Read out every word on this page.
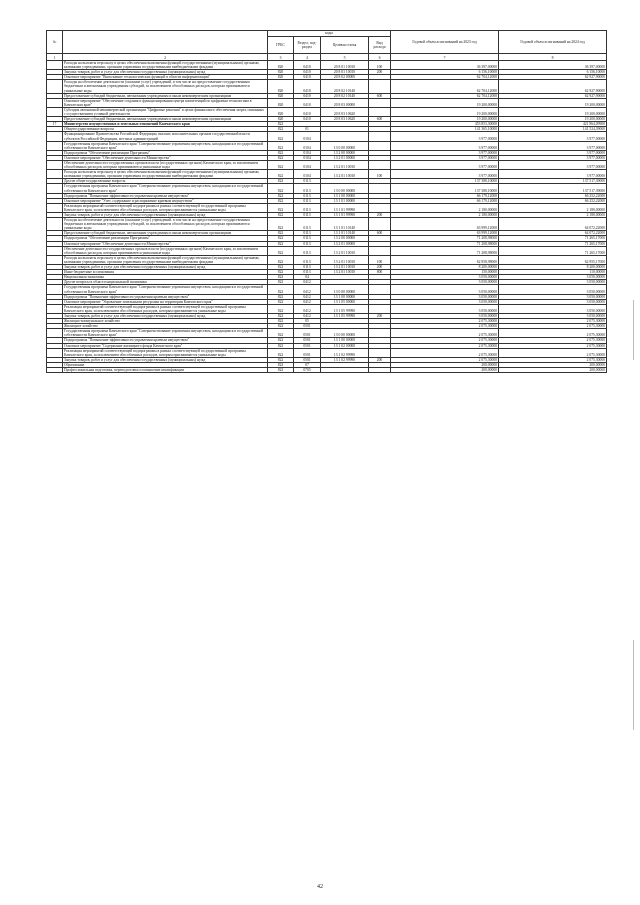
№		коды				Годовой объем ассигнований на 2023 год	Годовой объем ассигнований на 2024 год
		ГРБС	Раздел, под-раздел	Целевая статья	Вид расхода		
1	2	3	4	5	6	7	8
	Расходы на выплаты персоналу в целях обеспечения выполнения функций государственными (муниципальными) органами, казенными учреждениями, органами управления государственными внебюджетными фондами	820	0410	20 8 01 10010	100	36 397,00000	36 397,00000
	Закупка товаров, работ и услуг для обеспечения государственных (муниципальных) нужд	820	0410	20 8 01 10010	200	6 156,10000	6 156,10000
	Основное мероприятие "Выполнение технологических функций в области информатизации"	820	0410	20 8 02 00000		62 704,12000	62 927,90000
	Расходы на обеспечение деятельности (оказание услуг) учреждений, в том числе на предоставление государственным бюджетным и автономным учреждениям субсидий, за исключением обособленных расходов, которым присваиваются уникальные коды	820	0410	20 8 02 10140		62 704,12000	62 927,90000
	Предоставление субсидий бюджетным, автономным учреждениям и иным некоммерческим организациям	820	0410	20 8 02 10140	600	62 704,12000	62 927,90000
	Основное мероприятие "Обеспечение создания и функционирования центра компетенций по цифровым технологиям в Камчатском крае"	820	0410	20 8 03 00000		19 200,00000	19 200,00000
	Субсидия автономной некоммерческой организации "Цифровые решения" в целях финансового обеспечения затрат, связанных с осуществлением уставной деятельности	820	0410	20 8 03 10620		19 200,00000	19 200,00000
	Предоставление субсидий бюджетным, автономным учреждениям и иным некоммерческим организациям	820	0410	20 8 03 10620	600	19 200,00000	19 200,00000
17	Министерство имущественных и земельных отношений Камчатского края	822				453 853,30000	421 864,09900
	Общегосударственные вопросы	822	01			141 365,10000	141 524,39000
	Функционирование Правительства Российской Федерации, высших исполнительных органов государственной власти субъектов Российской Федерации, местных администраций	822	0104			3 977,00000	3 977,00000
	Государственная программа Камчатского края "Совершенствование управления имуществом, находящимся в государственной собственности Камчатского края"	822	0104	13 0 00 00000		3 977,00000	3 977,00000
	Подпрограмма "Обеспечение реализации Программы"	822	0104	13 2 00 00000		3 977,00000	3 977,00000
	Основное мероприятие "Обеспечение деятельности Министерства"	822	0104	13 2 01 00000		3 977,00000	3 977,00000
	Обеспечение деятельности государственных органов власти (государственных органов) Камчатского края, за исключением обособленных расходов, которым присваиваются уникальные коды	822	0104	13 2 01 10010		3 977,00000	3 977,00000
	Расходы на выплаты персоналу в целях обеспечения выполнения функций государственными (муниципальными) органами, казенными учреждениями, органами управления государственными внебюджетными фондами	822	0104	13 2 01 10010	100	3 977,00000	3 977,00000
	Другие общегосударственные вопросы	822	0113			137 388,10000	137 517,39000
	Государственная программа Камчатского края "Совершенствование управления имуществом, находящимся в государственной собственности Камчатского края"	822	0113	13 0 00 00000		137 388,10000	137 517,39000
	Подпрограмма "Повышение эффективности управления краевым имуществом"	822	0113	13 1 00 00000		66 179,12000	66 252,22000
	Основное мероприятие "Учет, содержание и распоряжение краевым имуществом"	822	0113	13 1 01 00000		66 179,12000	66 252,22000
	Реализация мероприятий соответствующей подпрограммы в рамках соответствующей государственной программы Камчатского края, за исключением обособленных расходов, которым присваиваются уникальные коды	822	0113	13 1 01 99990		2 180,00000	2 180,00000
	Закупка товаров, работ и услуг для обеспечения государственных (муниципальных) нужд	822	0113	13 1 01 99990	200	2 180,00000	2 180,00000
	Расходы на обеспечение деятельности (оказание услуг) учреждений, в том числе на предоставление государственным бюджетным и автономным учреждениям субсидий, за исключением обособленных расходов, которым присваиваются уникальные коды	822	0113	13 1 01 10140		63 999,12000	64 072,22000
	Предоставление субсидий бюджетным, автономным учреждениям и иным некоммерческим организациям	822	0113	13 1 01 10140	600	63 999,12000	64 072,22000
	Подпрограмма "Обеспечение реализации Программы"	822	0113	13 2 00 00000		71 208,98000	71 265,17000
	Основное мероприятие "Обеспечение деятельности Министерства"	822	0113	13 2 01 00000		71 208,98000	71 265,17000
	Обеспечение деятельности государственных органов власти (государственных органов) Камчатского края, за исключением обособленных расходов, которым присваиваются уникальные коды	822	0113	13 2 01 10010		71 208,98000	71 265,17000
	Расходы на выплаты персоналу в целях обеспечения выполнения функций государственными (муниципальными) органами, казенными учреждениями, органами управления государственными внебюджетными фондами	822	0113	13 2 01 10010	100	62 858,98000	62 955,17000
	Закупка товаров, работ и услуг для обеспечения государственных (муниципальных) нужд	822	0113	13 2 01 10010	200	8 200,00000	8 200,00000
	Иные бюджетные ассигнования	822	0113	13 2 01 10010	800	150,00000	110,00000
	Национальная экономика	822	04			3 050,00000	3 050,00000
	Другие вопросы в области национальной экономики	822	0412			3 050,00000	3 050,00000
	Государственная программа Камчатского края "Совершенствование управления имуществом, находящимся в государственной собственности Камчатского края"	822	0412	13 0 00 00000		3 050,00000	3 050,00000
	Подпрограмма "Повышение эффективности управления краевым имуществом"	822	0412	13 1 00 00000		3 050,00000	3 050,00000
	Основное мероприятие "Управление земельными ресурсами на территории Камчатского края"	822	0412	13 1 05 00000		3 050,00000	3 050,00000
	Реализация мероприятий соответствующей подпрограммы в рамках соответствующей государственной программы Камчатского края, за исключением обособленных расходов, которым присваиваются уникальные коды	822	0412	13 1 05 99990		3 050,00000	3 050,00000
	Закупка товаров, работ и услуг для обеспечения государственных (муниципальных) нужд	822	0412	13 1 05 99990	200	3 050,00000	3 050,00000
	Жилищно-коммунальное хозяйство	822	05			2 075,30000	2 075,30000
	Жилищное хозяйство	822	0501			2 075,30000	2 075,30000
	Государственная программа Камчатского края "Совершенствование управления имуществом, находящимся в государственной собственности Камчатского края"	822	0501	13 0 00 00000		2 075,30000	2 075,30000
	Подпрограмма "Повышение эффективности управления краевым имуществом"	822	0501	13 1 00 00000		2 075,30000	2 075,30000
	Основное мероприятие "Содержание жилищного фонда Камчатского края"	822	0501	13 1 02 00000		2 075,30000	2 075,30000
	Реализация мероприятий соответствующей подпрограммы в рамках соответствующей государственной программы Камчатского края, за исключением обособленных расходов, которым присваиваются уникальные коды	822	0501	13 1 02 99990		2 075,30000	2 075,30000
	Закупка товаров, работ и услуг для обеспечения государственных (муниципальных) нужд	822	0501	13 1 02 99990	200	2 075,30000	2 075,30000
	Образование	822	07			200,00000	200,00000
	Профессиональная подготовка, переподготовка и повышение квалификации	822	0705			200,00000	200,00000
42
